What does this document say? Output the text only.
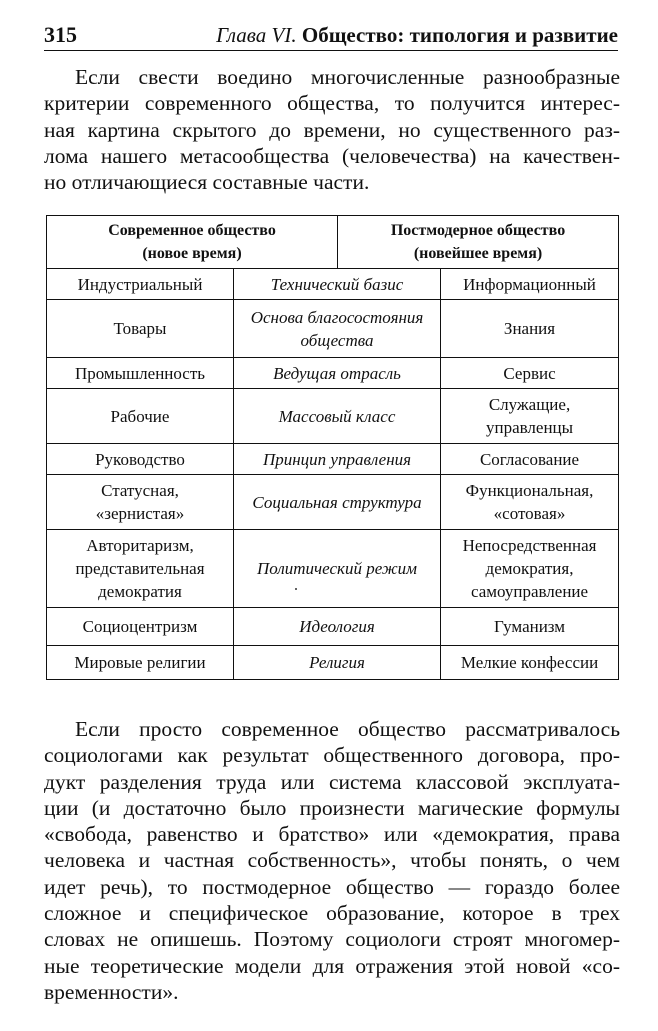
315	Глава VI. Общество: типология и развитие

Если свести воедино многочисленные разнообразные
критерии современного общества, то получится интерес-
ная картина скрытого до времени, но существенного раз-
лома нашего метасообщества (человечества) на качествен-
но отличающиеся составные части.

Современное общество
(новое время)		Постмодерное общество
(новейшее время)	

Индустриальный	Технический базис		Информационный

Товары	Основа благосостояния
общества		Знания

Промышленность	Ведущая отрасль		Сервис

Рабочие	Массовый класс		Служащие,
управленцы

Руководство	Принцип управления		Согласование

Статусная,
«зернистая»	Социальная структура		Функциональная,
«сотовая»

Авторитаризм,
представительная
демократия	Политический режим		Непосредственная
демократия,
самоуправление

Социоцентризм	Идеология		Гуманизм

Мировые религии	Религия		Мелкие конфессии

Если просто современное общество рассматривалось
социологами как результат общественного договора, про-
дукт разделения труда или система классовой эксплуата-
ции (и достаточно было произнести магические формулы
«свобода, равенство и братство» или «демократия, права
человека и частная собственность», чтобы понять, о чем
идет речь), то постмодерное общество — гораздо более
сложное и специфическое образование, которое в трех
словах не опишешь. Поэтому социологи строят многомер-
ные теоретические модели для отражения этой новой «со-
временности».
